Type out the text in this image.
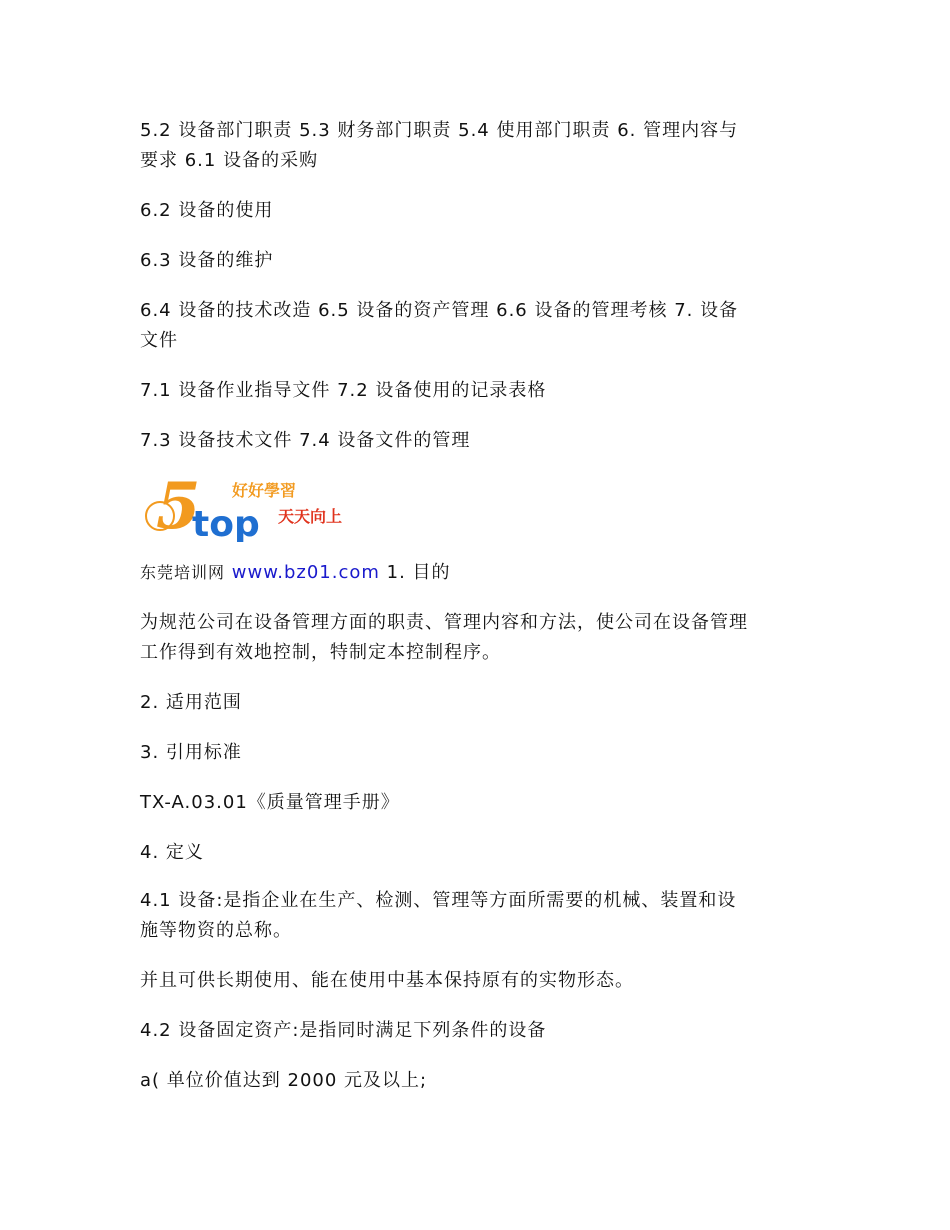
5.2 设备部门职责 5.3 财务部门职责 5.4 使用部门职责 6. 管理内容与
要求 6.1 设备的采购

6.2 设备的使用

6.3 设备的维护

6.4 设备的技术改造 6.5 设备的资产管理 6.6 设备的管理考核 7. 设备
文件

7.1 设备作业指导文件 7.2 设备使用的记录表格

7.3 设备技术文件 7.4 设备文件的管理

5
top
好好學習
天天向上

东莞培训网 www.bz01.com 1. 目的

为规范公司在设备管理方面的职责、管理内容和方法，使公司在设备管理
工作得到有效地控制，特制定本控制程序。

2. 适用范围

3. 引用标准

TX-A.03.01《质量管理手册》

4. 定义

4.1 设备:是指企业在生产、检测、管理等方面所需要的机械、装置和设
施等物资的总称。

并且可供长期使用、能在使用中基本保持原有的实物形态。

4.2 设备固定资产:是指同时满足下列条件的设备

a( 单位价值达到 2000 元及以上;
